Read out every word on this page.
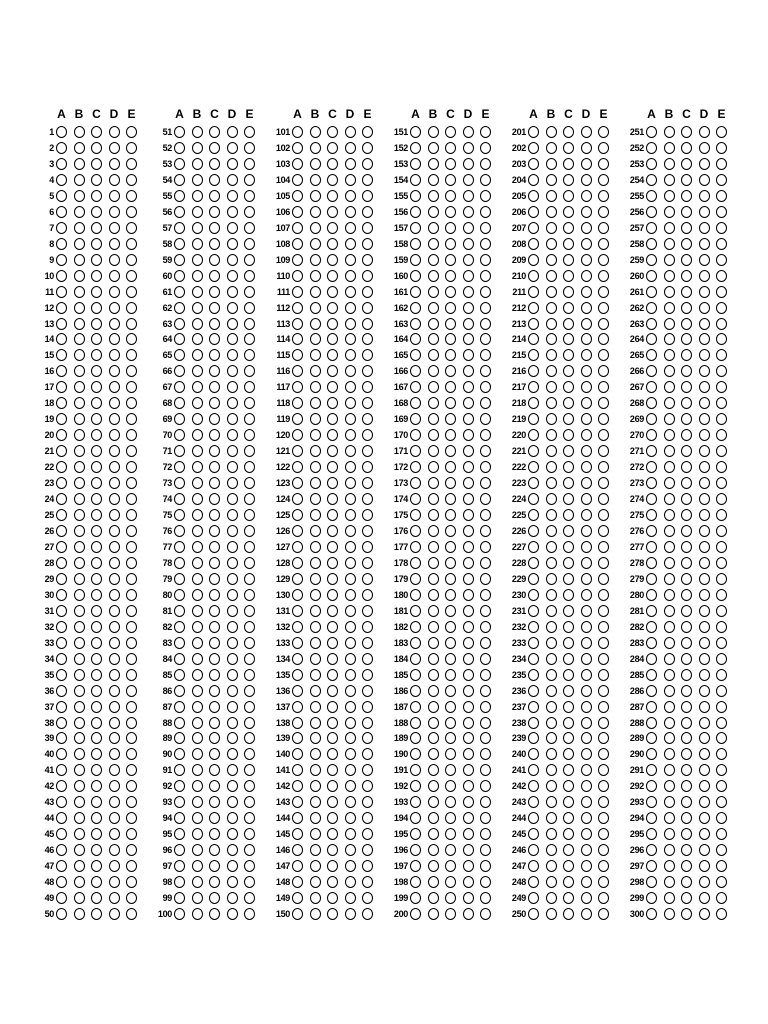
A B C D E
1
2
3
4
5
6
7
8
9
10
11
12
13
14
15
16
17
18
19
20
21
22
23
24
25
26
27
28
29
30
31
32
33
34
35
36
37
38
39
40
41
42
43
44
45
46
47
48
49
50
A B C D E
51
52
53
54
55
56
57
58
59
60
61
62
63
64
65
66
67
68
69
70
71
72
73
74
75
76
77
78
79
80
81
82
83
84
85
86
87
88
89
90
91
92
93
94
95
96
97
98
99
100
A B C D E
101
102
103
104
105
106
107
108
109
110
111
112
113
114
115
116
117
118
119
120
121
122
123
124
125
126
127
128
129
130
131
132
133
134
135
136
137
138
139
140
141
142
143
144
145
146
147
148
149
150
A B C D E
151
152
153
154
155
156
157
158
159
160
161
162
163
164
165
166
167
168
169
170
171
172
173
174
175
176
177
178
179
180
181
182
183
184
185
186
187
188
189
190
191
192
193
194
195
196
197
198
199
200
A B C D E
201
202
203
204
205
206
207
208
209
210
211
212
213
214
215
216
217
218
219
220
221
222
223
224
225
226
227
228
229
230
231
232
233
234
235
236
237
238
239
240
241
242
243
244
245
246
247
248
249
250
A B C D E
251
252
253
254
255
256
257
258
259
260
261
262
263
264
265
266
267
268
269
270
271
272
273
274
275
276
277
278
279
280
281
282
283
284
285
286
287
288
289
290
291
292
293
294
295
296
297
298
299
300
